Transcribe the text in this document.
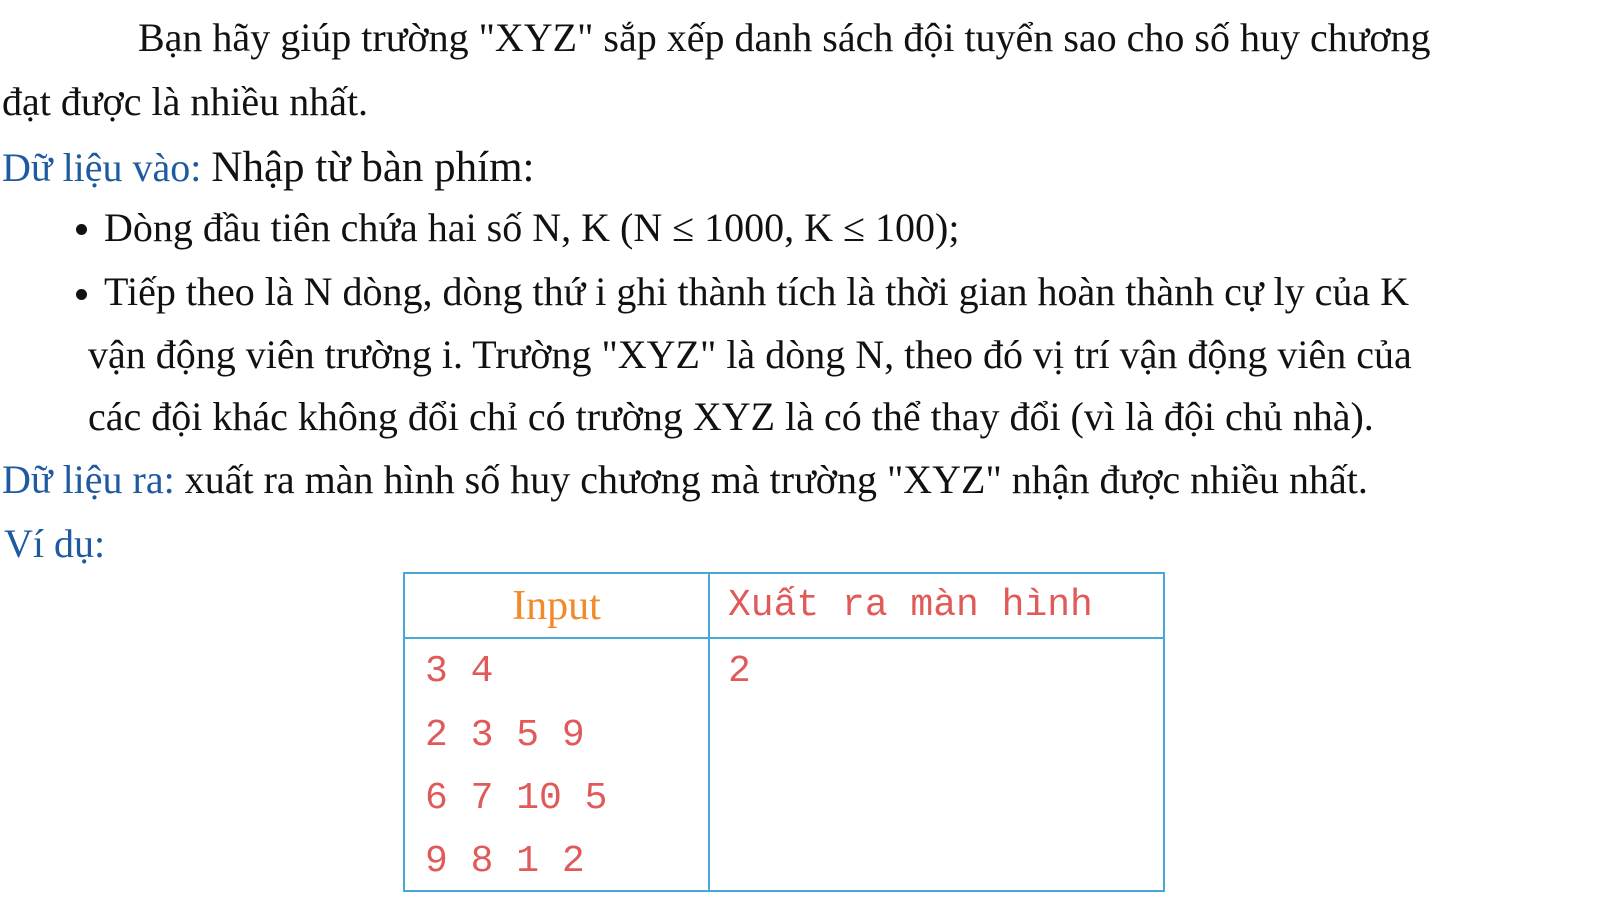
Bạn hãy giúp trường "XYZ" sắp xếp danh sách đội tuyển sao cho số huy chương
đạt được là nhiều nhất.
Dữ liệu vào: Nhập từ bàn phím:
Dòng đầu tiên chứa hai số N, K (N ≤ 1000, K ≤ 100);
Tiếp theo là N dòng, dòng thứ i ghi thành tích là thời gian hoàn thành cự ly của K
vận động viên trường i. Trường "XYZ" là dòng N, theo đó vị trí vận động viên của
các đội khác không đổi chỉ có trường XYZ là có thể thay đổi (vì là đội chủ nhà).
Dữ liệu ra: xuất ra màn hình số huy chương mà trường "XYZ" nhận được nhiều nhất.
Ví dụ:
Input	Xuất ra màn hình
3 4
2 3 5 9
6 7 10 5
9 8 1 2
2
